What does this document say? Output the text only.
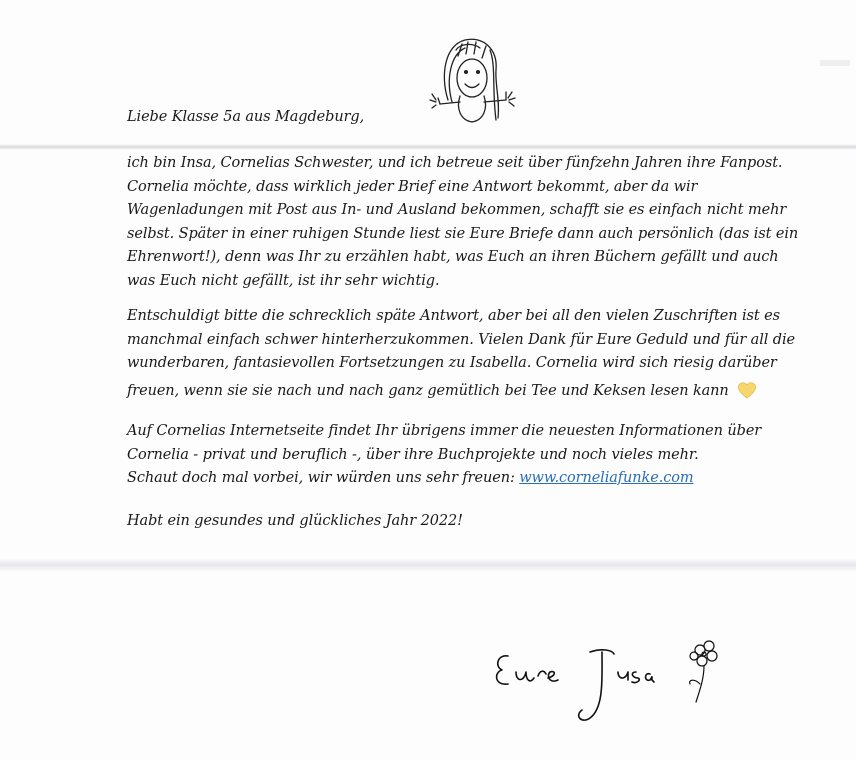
Liebe Klasse 5a aus Magdeburg,
ich bin Insa, Cornelias Schwester, und ich betreue seit über fünfzehn Jahren ihre Fanpost.
Cornelia möchte, dass wirklich jeder Brief eine Antwort bekommt, aber da wir
Wagenladungen mit Post aus In- und Ausland bekommen, schafft sie es einfach nicht mehr
selbst. Später in einer ruhigen Stunde liest sie Eure Briefe dann auch persönlich (das ist ein
Ehrenwort!), denn was Ihr zu erzählen habt, was Euch an ihren Büchern gefällt und auch
was Euch nicht gefällt, ist ihr sehr wichtig.
Entschuldigt bitte die schrecklich späte Antwort, aber bei all den vielen Zuschriften ist es
manchmal einfach schwer hinterherzukommen. Vielen Dank für Eure Geduld und für all die
wunderbaren, fantasievollen Fortsetzungen zu Isabella. Cornelia wird sich riesig darüber
freuen, wenn sie sie nach und nach ganz gemütlich bei Tee und Keksen lesen kann
Auf Cornelias Internetseite findet Ihr übrigens immer die neuesten Informationen über
Cornelia - privat und beruflich -, über ihre Buchprojekte und noch vieles mehr.
Schaut doch mal vorbei, wir würden uns sehr freuen: www.corneliafunke.com
Habt ein gesundes und glückliches Jahr 2022!
